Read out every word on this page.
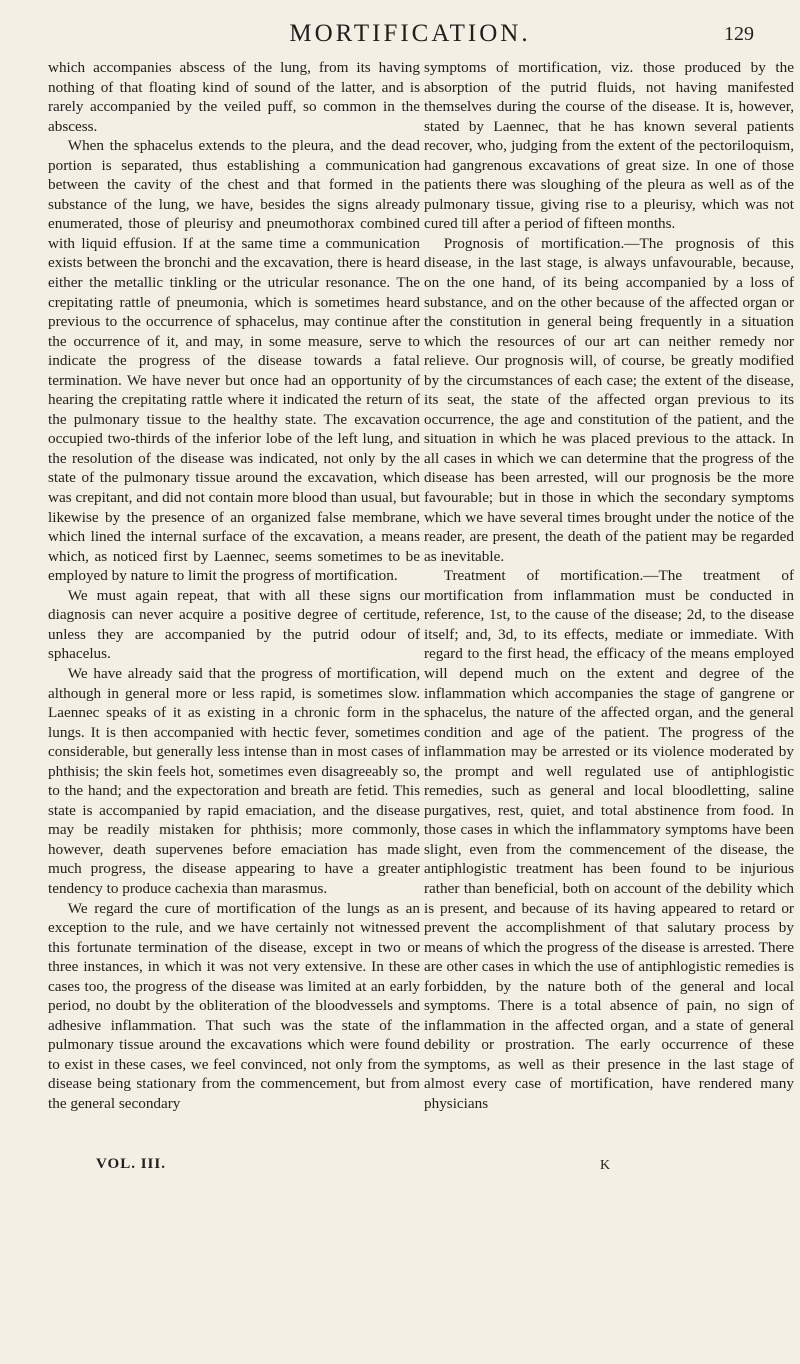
MORTIFICATION.	129

which accompanies abscess of the lung, from its having nothing of that floating kind of sound of the latter, and is rarely accompanied by the veiled puff, so common in the abscess.

When the sphacelus extends to the pleura, and the dead portion is separated, thus establishing a communication between the cavity of the chest and that formed in the substance of the lung, we have, besides the signs already enumerated, those of pleurisy and pneumothorax combined with liquid effusion. If at the same time a communication exists between the bronchi and the excavation, there is heard either the metallic tinkling or the utricular resonance. The crepitating rattle of pneumonia, which is sometimes heard previous to the occurrence of sphacelus, may continue after the occurrence of it, and may, in some measure, serve to indicate the progress of the disease towards a fatal termination. We have never but once had an opportunity of hearing the crepitating rattle where it indicated the return of the pulmonary tissue to the healthy state. The excavation occupied two-thirds of the inferior lobe of the left lung, and the resolution of the disease was indicated, not only by the state of the pulmonary tissue around the excavation, which was crepitant, and did not contain more blood than usual, but likewise by the presence of an organized false membrane, which lined the internal surface of the excavation, a means which, as noticed first by Laennec, seems sometimes to be employed by nature to limit the progress of mortification.

We must again repeat, that with all these signs our diagnosis can never acquire a positive degree of certitude, unless they are accompanied by the putrid odour of sphacelus.

We have already said that the progress of mortification, although in general more or less rapid, is sometimes slow. Laennec speaks of it as existing in a chronic form in the lungs. It is then accompanied with hectic fever, sometimes considerable, but generally less intense than in most cases of phthisis; the skin feels hot, sometimes even disagreeably so, to the hand; and the expectoration and breath are fetid. This state is accompanied by rapid emaciation, and the disease may be readily mistaken for phthisis; more commonly, however, death supervenes before emaciation has made much progress, the disease appearing to have a greater tendency to produce cachexia than marasmus.

We regard the cure of mortification of the lungs as an exception to the rule, and we have certainly not witnessed this fortunate termination of the disease, except in two or three instances, in which it was not very extensive. In these cases too, the progress of the disease was limited at an early period, no doubt by the obliteration of the bloodvessels and adhesive inflammation. That such was the state of the pulmonary tissue around the excavations which were found to exist in these cases, we feel convinced, not only from the disease being stationary from the commencement, but from the general secondary

symptoms of mortification, viz. those produced by the absorption of the putrid fluids, not having manifested themselves during the course of the disease. It is, however, stated by Laennec, that he has known several patients recover, who, judging from the extent of the pectoriloquism, had gangrenous excavations of great size. In one of those patients there was sloughing of the pleura as well as of the pulmonary tissue, giving rise to a pleurisy, which was not cured till after a period of fifteen months.

Prognosis of mortification.—The prognosis of this disease, in the last stage, is always unfavourable, because, on the one hand, of its being accompanied by a loss of substance, and on the other because of the affected organ or the constitution in general being frequently in a situation which the resources of our art can neither remedy nor relieve. Our prognosis will, of course, be greatly modified by the circumstances of each case; the extent of the disease, its seat, the state of the affected organ previous to its occurrence, the age and constitution of the patient, and the situation in which he was placed previous to the attack. In all cases in which we can determine that the progress of the disease has been arrested, will our prognosis be the more favourable; but in those in which the secondary symptoms which we have several times brought under the notice of the reader, are present, the death of the patient may be regarded as inevitable.

Treatment of mortification.—The treatment of mortification from inflammation must be conducted in reference, 1st, to the cause of the disease; 2d, to the disease itself; and, 3d, to its effects, mediate or immediate. With regard to the first head, the efficacy of the means employed will depend much on the extent and degree of the inflammation which accompanies the stage of gangrene or sphacelus, the nature of the affected organ, and the general condition and age of the patient. The progress of the inflammation may be arrested or its violence moderated by the prompt and well regulated use of antiphlogistic remedies, such as general and local bloodletting, saline purgatives, rest, quiet, and total abstinence from food. In those cases in which the inflammatory symptoms have been slight, even from the commencement of the disease, the antiphlogistic treatment has been found to be injurious rather than beneficial, both on account of the debility which is present, and because of its having appeared to retard or prevent the accomplishment of that salutary process by means of which the progress of the disease is arrested. There are other cases in which the use of antiphlogistic remedies is forbidden, by the nature both of the general and local symptoms. There is a total absence of pain, no sign of inflammation in the affected organ, and a state of general debility or prostration. The early occurrence of these symptoms, as well as their presence in the last stage of almost every case of mortification, have rendered many physicians

VOL. III.	K
